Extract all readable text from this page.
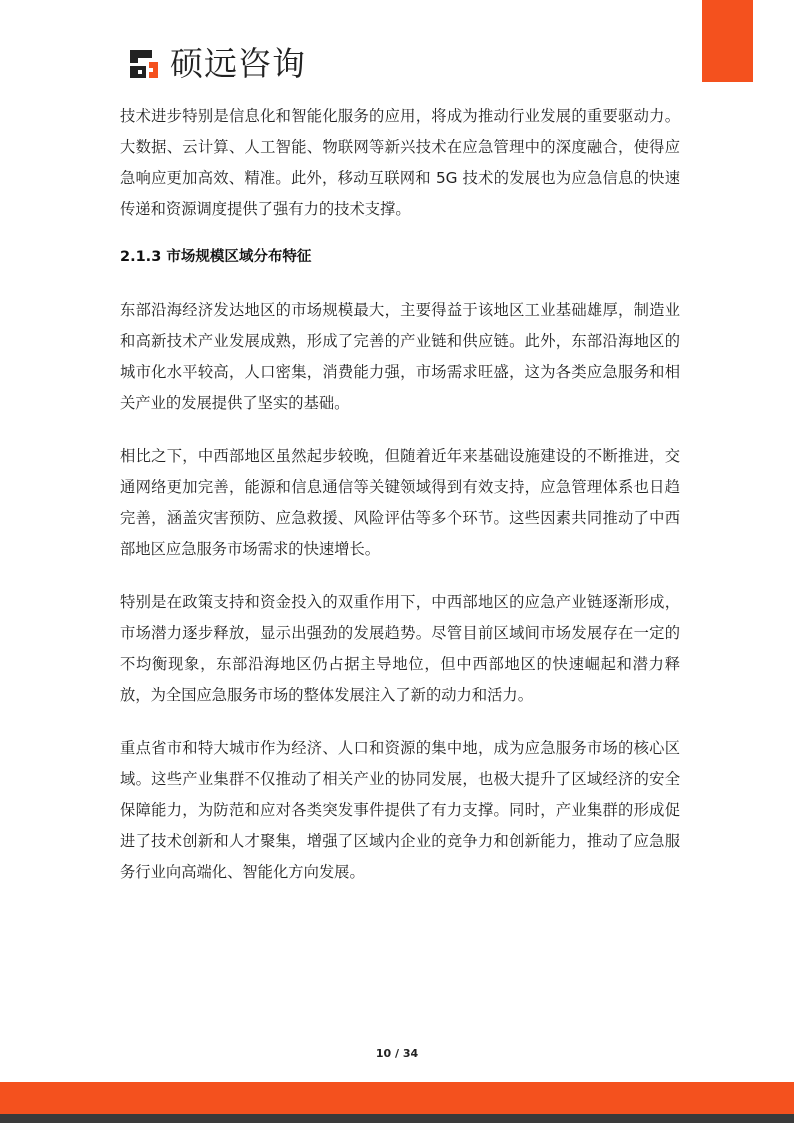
硕远咨询

技术进步特别是信息化和智能化服务的应用，将成为推动行业发展的重要驱动力。大数据、云计算、人工智能、物联网等新兴技术在应急管理中的深度融合，使得应急响应更加高效、精准。此外，移动互联网和 5G 技术的发展也为应急信息的快速传递和资源调度提供了强有力的技术支撑。

2.1.3 市场规模区域分布特征

东部沿海经济发达地区的市场规模最大，主要得益于该地区工业基础雄厚，制造业和高新技术产业发展成熟，形成了完善的产业链和供应链。此外，东部沿海地区的城市化水平较高，人口密集，消费能力强，市场需求旺盛，这为各类应急服务和相关产业的发展提供了坚实的基础。

相比之下，中西部地区虽然起步较晚，但随着近年来基础设施建设的不断推进，交通网络更加完善，能源和信息通信等关键领域得到有效支持，应急管理体系也日趋完善，涵盖灾害预防、应急救援、风险评估等多个环节。这些因素共同推动了中西部地区应急服务市场需求的快速增长。

特别是在政策支持和资金投入的双重作用下，中西部地区的应急产业链逐渐形成，市场潜力逐步释放，显示出强劲的发展趋势。尽管目前区域间市场发展存在一定的不均衡现象，东部沿海地区仍占据主导地位，但中西部地区的快速崛起和潜力释放，为全国应急服务市场的整体发展注入了新的动力和活力。

重点省市和特大城市作为经济、人口和资源的集中地，成为应急服务市场的核心区域。这些产业集群不仅推动了相关产业的协同发展，也极大提升了区域经济的安全保障能力，为防范和应对各类突发事件提供了有力支撑。同时，产业集群的形成促进了技术创新和人才聚集，增强了区域内企业的竞争力和创新能力，推动了应急服务行业向高端化、智能化方向发展。

10 / 34
